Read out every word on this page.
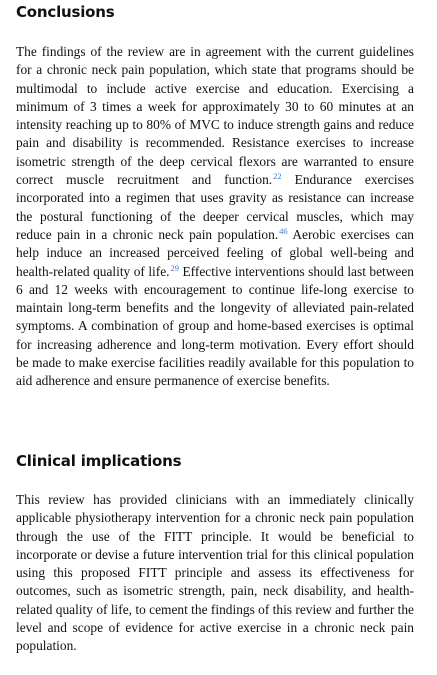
Conclusions

The findings of the review are in agreement with the current guidelines for a chronic neck pain population, which state that programs should be multimodal to include active exercise and education. Exercising a minimum of 3 times a week for approximately 30 to 60 minutes at an intensity reaching up to 80% of MVC to induce strength gains and reduce pain and disability is recommended. Resistance exercises to increase isometric strength of the deep cervical flexors are warranted to ensure correct muscle recruitment and function.$^{22}$ Endurance exercises incorporated into a regimen that uses gravity as resistance can increase the postural functioning of the deeper cervical muscles, which may reduce pain in a chronic neck pain population.$^{46}$ Aerobic exercises can help induce an increased perceived feeling of global well-being and health-related quality of life.$^{29}$ Effective interventions should last between 6 and 12 weeks with encouragement to continue life-long exercise to maintain long-term benefits and the longevity of alleviated pain-related symptoms. A combination of group and home-based exercises is optimal for increasing adherence and long-term motivation. Every effort should be made to make exercise facilities readily available for this population to aid adherence and ensure permanence of exercise benefits.

Clinical implications

This review has provided clinicians with an immediately clinically applicable physiotherapy intervention for a chronic neck pain population through the use of the FITT principle. It would be beneficial to incorporate or devise a future intervention trial for this clinical population using this proposed FITT principle and assess its effectiveness for outcomes, such as isometric strength, pain, neck disability, and health-related quality of life, to cement the findings of this review and further the level and scope of evidence for active exercise in a chronic neck pain population.
